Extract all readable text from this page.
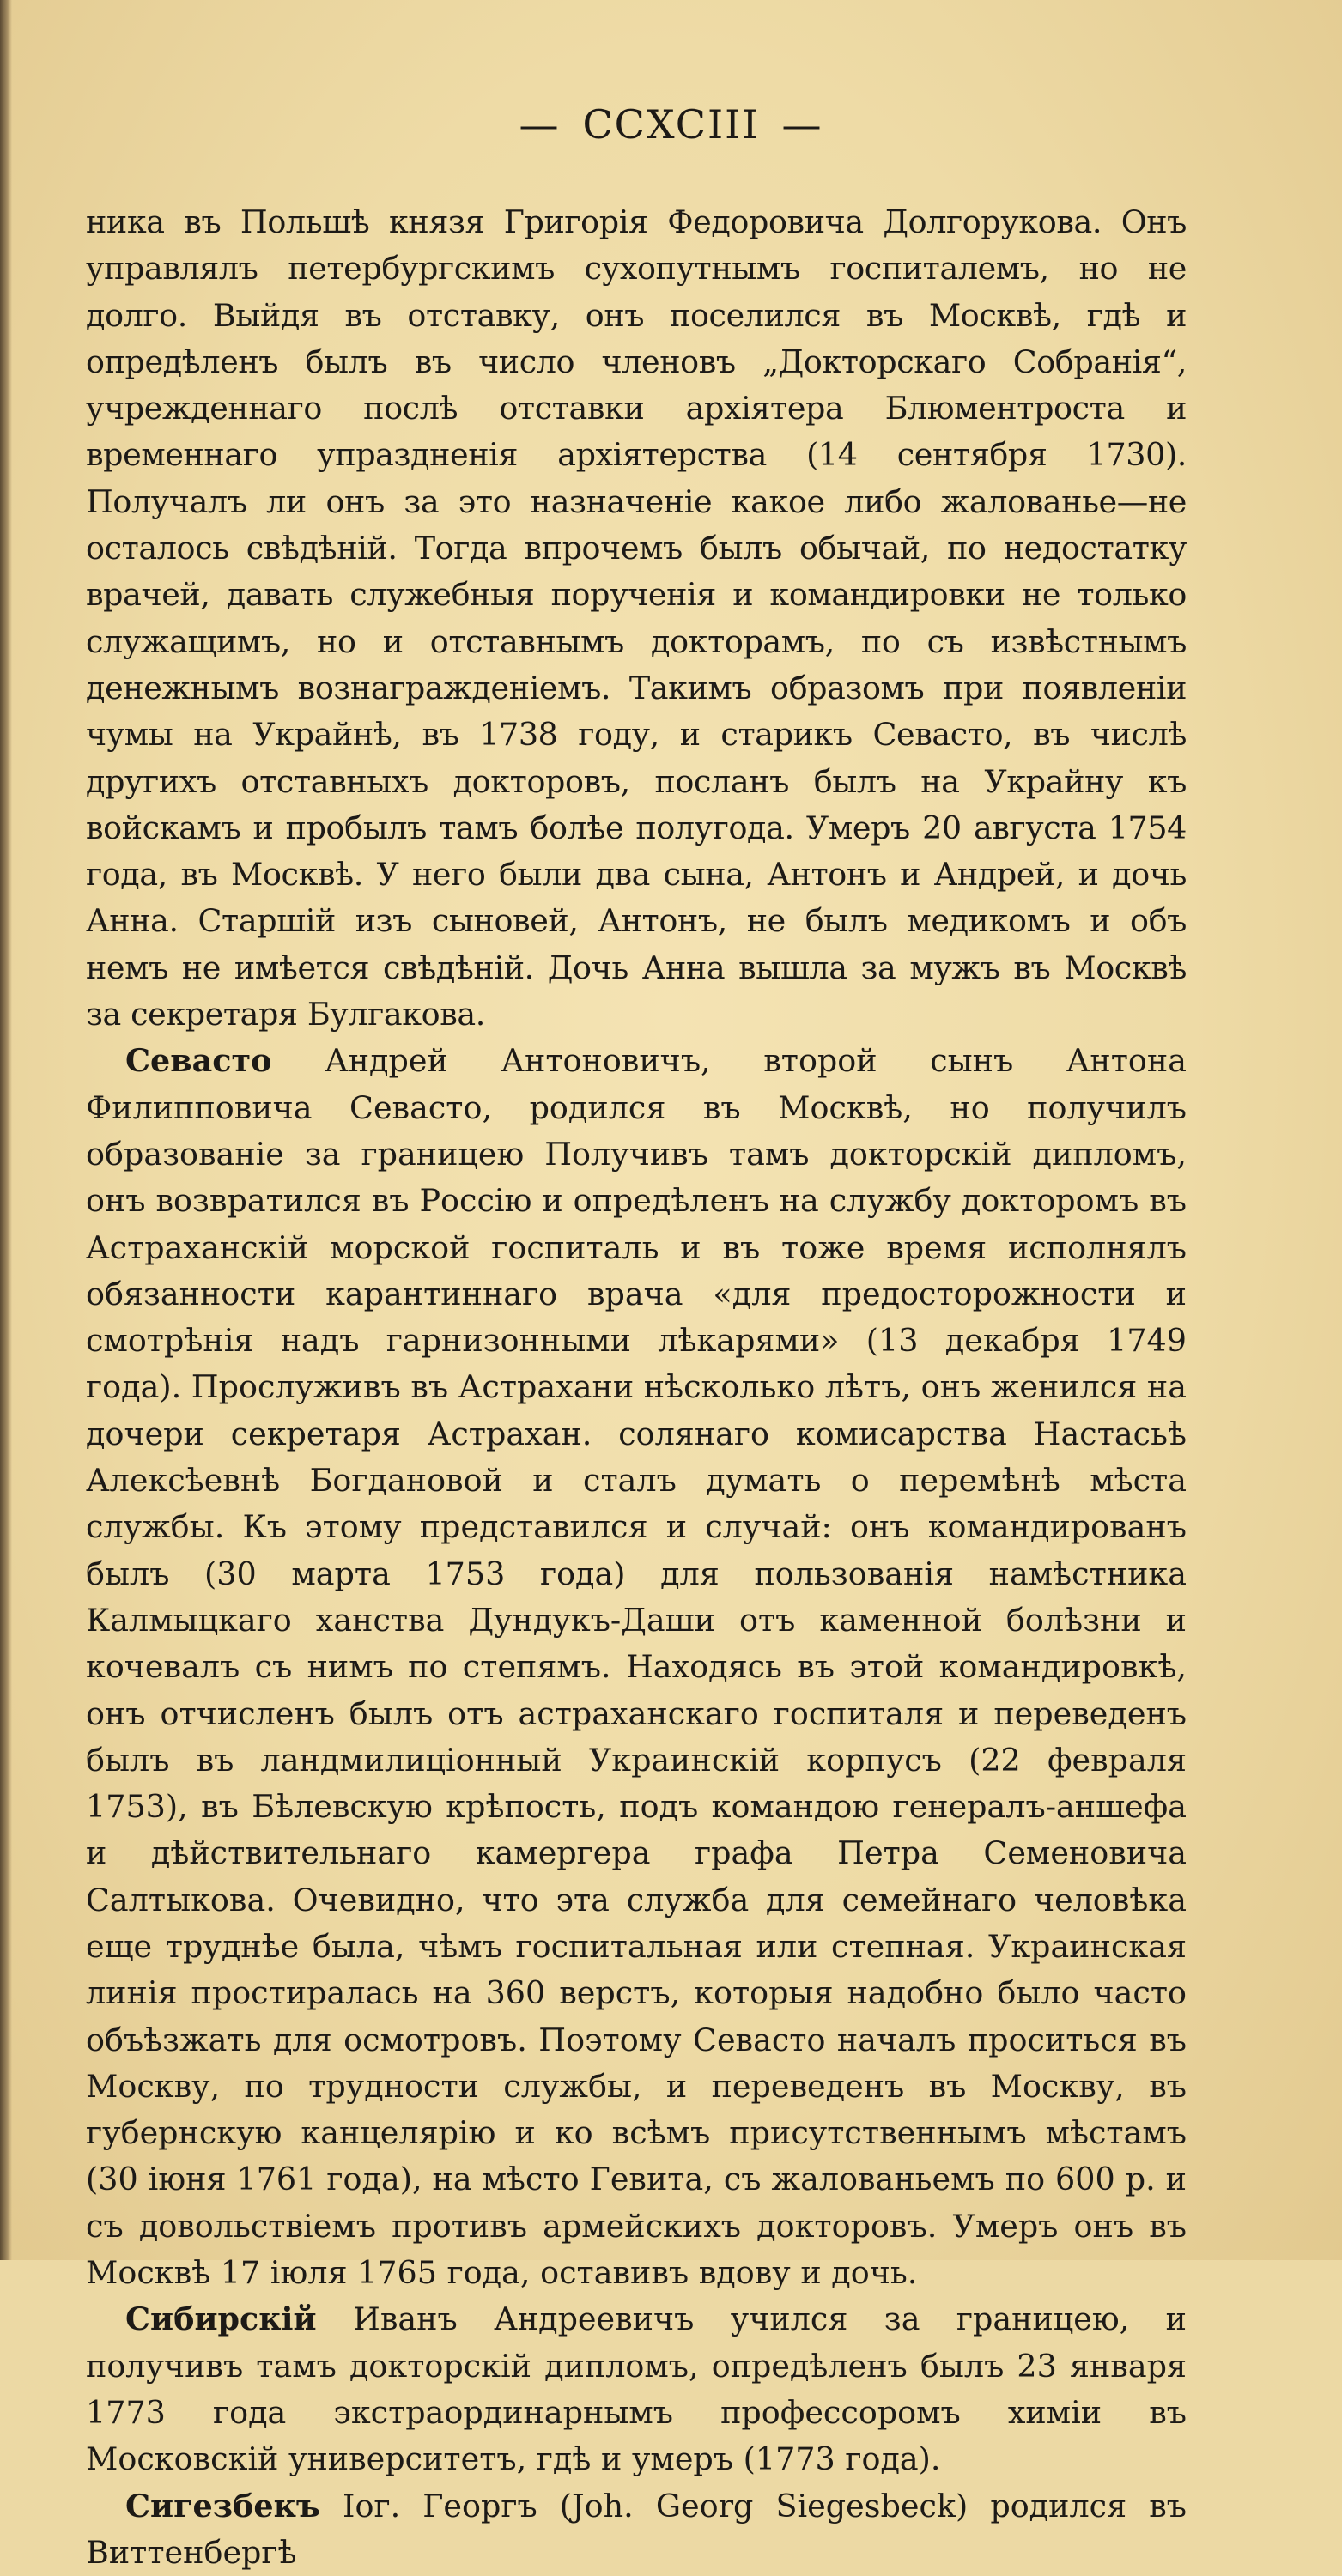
— CCXCIII —

ника въ Польшѣ князя Григорія Федоровича Долгорукова. Онъ управлялъ петербургскимъ сухопутнымъ госпиталемъ, но не долго. Выйдя въ отставку, онъ поселился въ Москвѣ, гдѣ и опредѣленъ былъ въ число членовъ „Докторскаго Собранія“, учрежденнаго послѣ отставки архіятера Блюментроста и временнаго упраздненія архіятерства (14 сентября 1730). Получалъ ли онъ за это назначеніе какое либо жалованье—не осталось свѣдѣній. Тогда впрочемъ былъ обычай, по недостатку врачей, давать служебныя порученія и командировки не только служащимъ, но и отставнымъ докторамъ, по съ извѣстнымъ денежнымъ вознагражденіемъ. Такимъ образомъ при появленіи чумы на Украйнѣ, въ 1738 году, и старикъ Севасто, въ числѣ другихъ отставныхъ докторовъ, посланъ былъ на Украйну къ войскамъ и пробылъ тамъ болѣе полугода. Умеръ 20 августа 1754 года, въ Москвѣ. У него были два сына, Антонъ и Андрей, и дочь Анна. Старшій изъ сыновей, Антонъ, не былъ медикомъ и объ немъ не имѣется свѣдѣній. Дочь Анна вышла за мужъ въ Москвѣ за секретаря Булгакова.

Севасто Андрей Антоновичъ, второй сынъ Антона Филипповича Севасто, родился въ Москвѣ, но получилъ образованіе за границею Получивъ тамъ докторскій дипломъ, онъ возвратился въ Россію и опредѣленъ на службу докторомъ въ Астраханскій морской госпиталь и въ тоже время исполнялъ обязанности карантиннаго врача «для предосторожности и смотрѣнія надъ гарнизонными лѣкарями» (13 декабря 1749 года). Прослуживъ въ Астрахани нѣсколько лѣтъ, онъ женился на дочери секретаря Астрахан. солянаго комисарства Настасьѣ Алексѣевнѣ Богдановой и сталъ думать о перемѣнѣ мѣста службы. Къ этому представился и случай: онъ командированъ былъ (30 марта 1753 года) для пользованія намѣстника Калмыцкаго ханства Дундукъ-Даши отъ каменной болѣзни и кочевалъ съ нимъ по степямъ. Находясь въ этой командировкѣ, онъ отчисленъ былъ отъ астраханскаго госпиталя и переведенъ былъ въ ландмилиціонный Украинскій корпусъ (22 февраля 1753), въ Бѣлевскую крѣпость, подъ командою генералъ-аншефа и дѣйствительнаго камергера графа Петра Семеновича Салтыкова. Очевидно, что эта служба для семейнаго человѣка еще труднѣе была, чѣмъ госпитальная или степная. Украинская линія простиралась на 360 верстъ, которыя надобно было часто объѣзжать для осмотровъ. Поэтому Севасто началъ проситься въ Москву, по трудности службы, и переведенъ въ Москву, въ губернскую канцелярію и ко всѣмъ присутственнымъ мѣстамъ (30 іюня 1761 года), на мѣсто Гевита, съ жалованьемъ по 600 р. и съ довольствіемъ противъ армейскихъ докторовъ. Умеръ онъ въ Москвѣ 17 іюля 1765 года, оставивъ вдову и дочь.

Сибирскій Иванъ Андреевичъ учился за границею, и получивъ тамъ докторскій дипломъ, опредѣленъ былъ 23 января 1773 года экстраординарнымъ профессоромъ химіи въ Московскій университетъ, гдѣ и умеръ (1773 года).

Сигезбекъ Іог. Георгъ (Joh. Georg Siegesbeck) родился въ Виттенбергѣ
